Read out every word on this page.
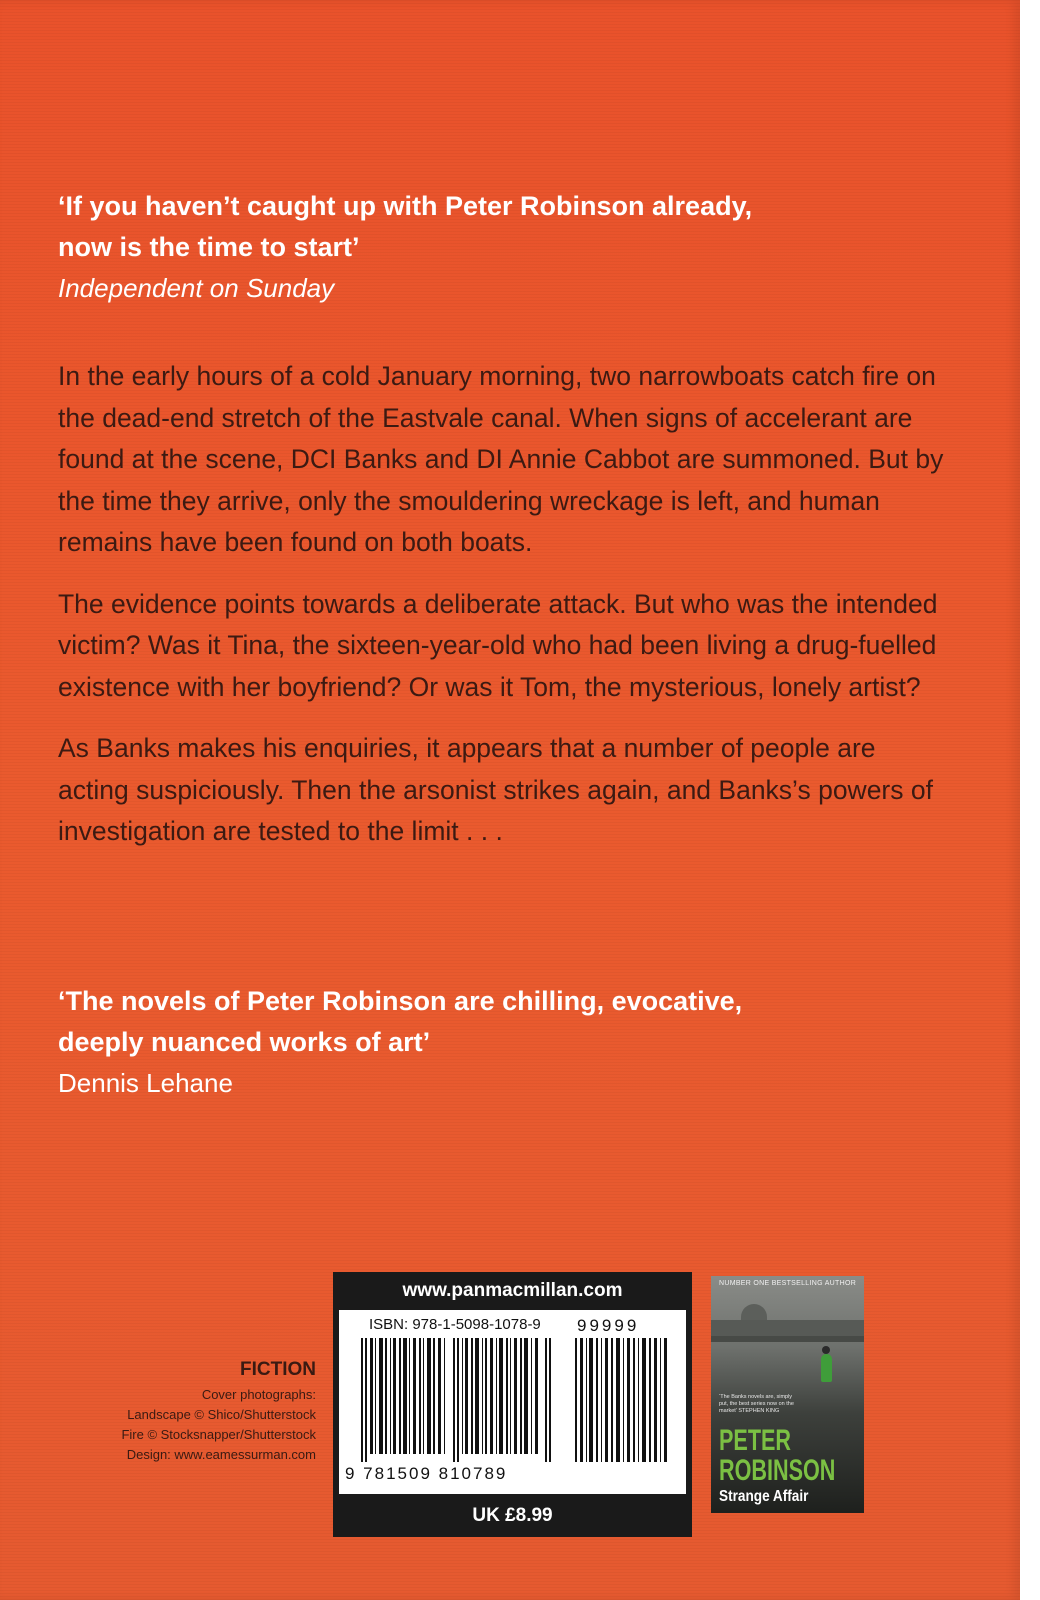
‘If you haven’t caught up with Peter Robinson already,
now is the time to start’
Independent on Sunday

In the early hours of a cold January morning, two narrowboats catch fire on the dead-end stretch of the Eastvale canal. When signs of accelerant are found at the scene, DCI Banks and DI Annie Cabbot are summoned. But by the time they arrive, only the smouldering wreckage is left, and human remains have been found on both boats.

The evidence points towards a deliberate attack. But who was the intended victim? Was it Tina, the sixteen-year-old who had been living a drug-fuelled existence with her boyfriend? Or was it Tom, the mysterious, lonely artist?

As Banks makes his enquiries, it appears that a number of people are acting suspiciously. Then the arsonist strikes again, and Banks’s powers of investigation are tested to the limit . . .

‘The novels of Peter Robinson are chilling, evocative,
deeply nuanced works of art’
Dennis Lehane
FICTION
Cover photographs:
Landscape © Shico/Shutterstock
Fire © Stocksnapper/Shutterstock
Design: www.eamessurman.com
www.panmacmillan.com
ISBN: 978-1-5098-1078-9 99999
9 781509 810789
UK £8.99
NUMBER ONE BESTSELLING AUTHOR
‘The Banks novels are, simply put, the best series now on the market’ STEPHEN KING
PETER ROBINSON
Strange Affair
